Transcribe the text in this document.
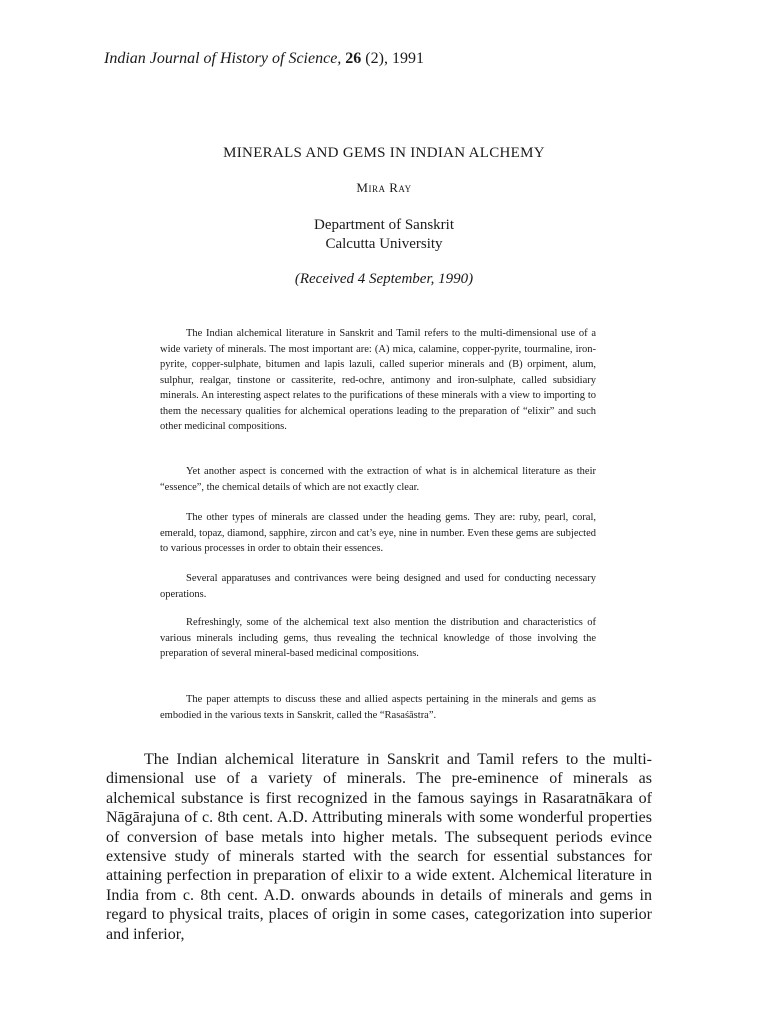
Indian Journal of History of Science, 26 (2), 1991
MINERALS AND GEMS IN INDIAN ALCHEMY
Mira Ray
Department of Sanskrit
Calcutta University
(Received 4 September, 1990)

The Indian alchemical literature in Sanskrit and Tamil refers to the multi-dimensional use of a wide variety of minerals. The most important are: (A) mica, calamine, copper-pyrite, tourmaline, iron-pyrite, copper-sulphate, bitumen and lapis lazuli, called superior minerals and (B) orpiment, alum, sulphur, realgar, tinstone or cassiterite, red-ochre, antimony and iron-sulphate, called subsidiary minerals. An interesting aspect relates to the purifications of these minerals with a view to importing to them the necessary qualities for alchemical operations leading to the preparation of “elixir” and such other medicinal compositions.

Yet another aspect is concerned with the extraction of what is in alchemical literature as their “essence”, the chemical details of which are not exactly clear.

The other types of minerals are classed under the heading gems. They are: ruby, pearl, coral, emerald, topaz, diamond, sapphire, zircon and cat’s eye, nine in number. Even these gems are subjected to various processes in order to obtain their essences.

Several apparatuses and contrivances were being designed and used for conducting necessary operations.

Refreshingly, some of the alchemical text also mention the distribution and characteristics of various minerals including gems, thus revealing the technical knowledge of those involving the preparation of several mineral-based medicinal compositions.

The paper attempts to discuss these and allied aspects pertaining in the minerals and gems as embodied in the various texts in Sanskrit, called the “Rasaśāstra”.

The Indian alchemical literature in Sanskrit and Tamil refers to the multi-dimensional use of a variety of minerals. The pre-eminence of minerals as alchemical substance is first recognized in the famous sayings in Rasaratnākara of Nāgārajuna of c. 8th cent. A.D. Attributing minerals with some wonderful properties of conversion of base metals into higher metals. The subsequent periods evince extensive study of minerals started with the search for essential substances for attaining perfection in preparation of elixir to a wide extent. Alchemical literature in India from c. 8th cent. A.D. onwards abounds in details of minerals and gems in regard to physical traits, places of origin in some cases, categorization into superior and inferior,
